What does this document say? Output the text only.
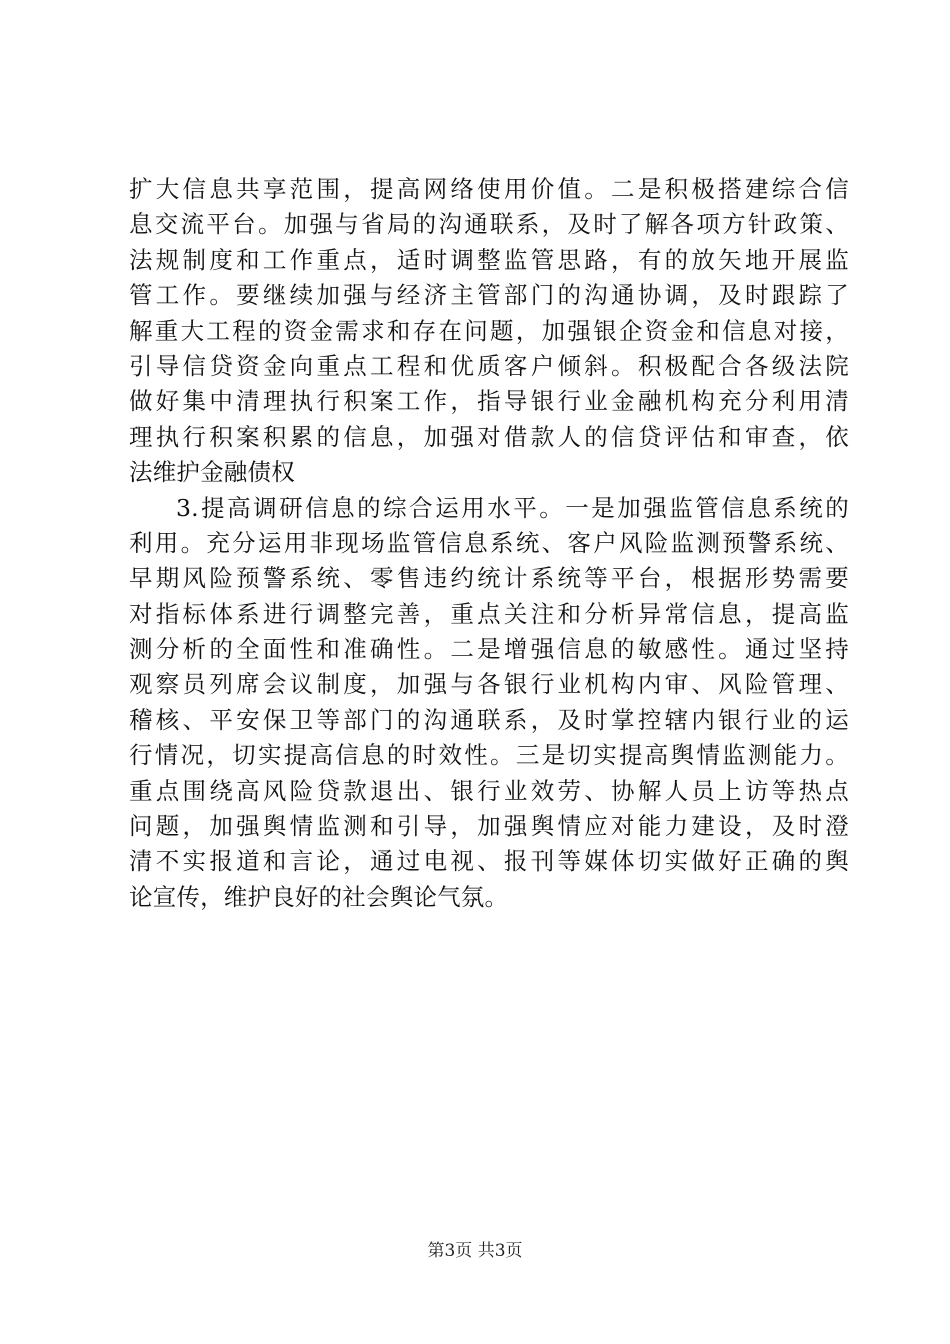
扩大信息共享范围，提高网络使用价值。二是积极搭建综合信
息交流平台。加强与省局的沟通联系，及时了解各项方针政策、
法规制度和工作重点，适时调整监管思路，有的放矢地开展监
管工作。要继续加强与经济主管部门的沟通协调，及时跟踪了
解重大工程的资金需求和存在问题，加强银企资金和信息对接，
引导信贷资金向重点工程和优质客户倾斜。积极配合各级法院
做好集中清理执行积案工作，指导银行业金融机构充分利用清
理执行积案积累的信息，加强对借款人的信贷评估和审查，依
法维护金融债权
3.提高调研信息的综合运用水平。一是加强监管信息系统的
利用。充分运用非现场监管信息系统、客户风险监测预警系统、
早期风险预警系统、零售违约统计系统等平台，根据形势需要
对指标体系进行调整完善，重点关注和分析异常信息，提高监
测分析的全面性和准确性。二是增强信息的敏感性。通过坚持
观察员列席会议制度，加强与各银行业机构内审、风险管理、
稽核、平安保卫等部门的沟通联系，及时掌控辖内银行业的运
行情况，切实提高信息的时效性。三是切实提高舆情监测能力。
重点围绕高风险贷款退出、银行业效劳、协解人员上访等热点
问题，加强舆情监测和引导，加强舆情应对能力建设，及时澄
清不实报道和言论，通过电视、报刊等媒体切实做好正确的舆
论宣传，维护良好的社会舆论气氛。
第3页 共3页
